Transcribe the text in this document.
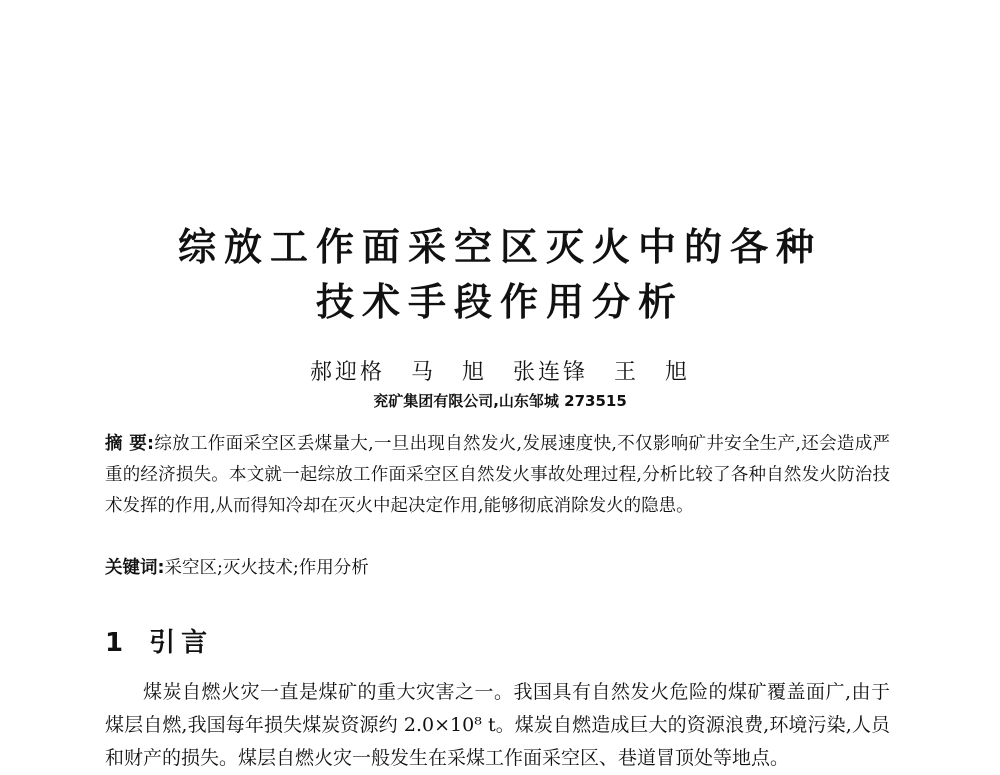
综放工作面采空区灭火中的各种
技术手段作用分析
郝迎格 马 旭 张连锋 王 旭
兖矿集团有限公司,山东邹城 273515

摘 要:综放工作面采空区丢煤量大,一旦出现自然发火,发展速度快,不仅影响矿井安全生产,还会造成严重的经济损失。本文就一起综放工作面采空区自然发火事故处理过程,分析比较了各种自然发火防治技术发挥的作用,从而得知冷却在灭火中起决定作用,能够彻底消除发火的隐患。

关键词:采空区;灭火技术;作用分析

1 引言

煤炭自燃火灾一直是煤矿的重大灾害之一。我国具有自然发火危险的煤矿覆盖面广,由于煤层自燃,我国每年损失煤炭资源约 2.0×10⁸ t。煤炭自燃造成巨大的资源浪费,环境污染,人员和财产的损失。煤层自燃火灾一般发生在采煤工作面采空区、巷道冒顶处等地点。
